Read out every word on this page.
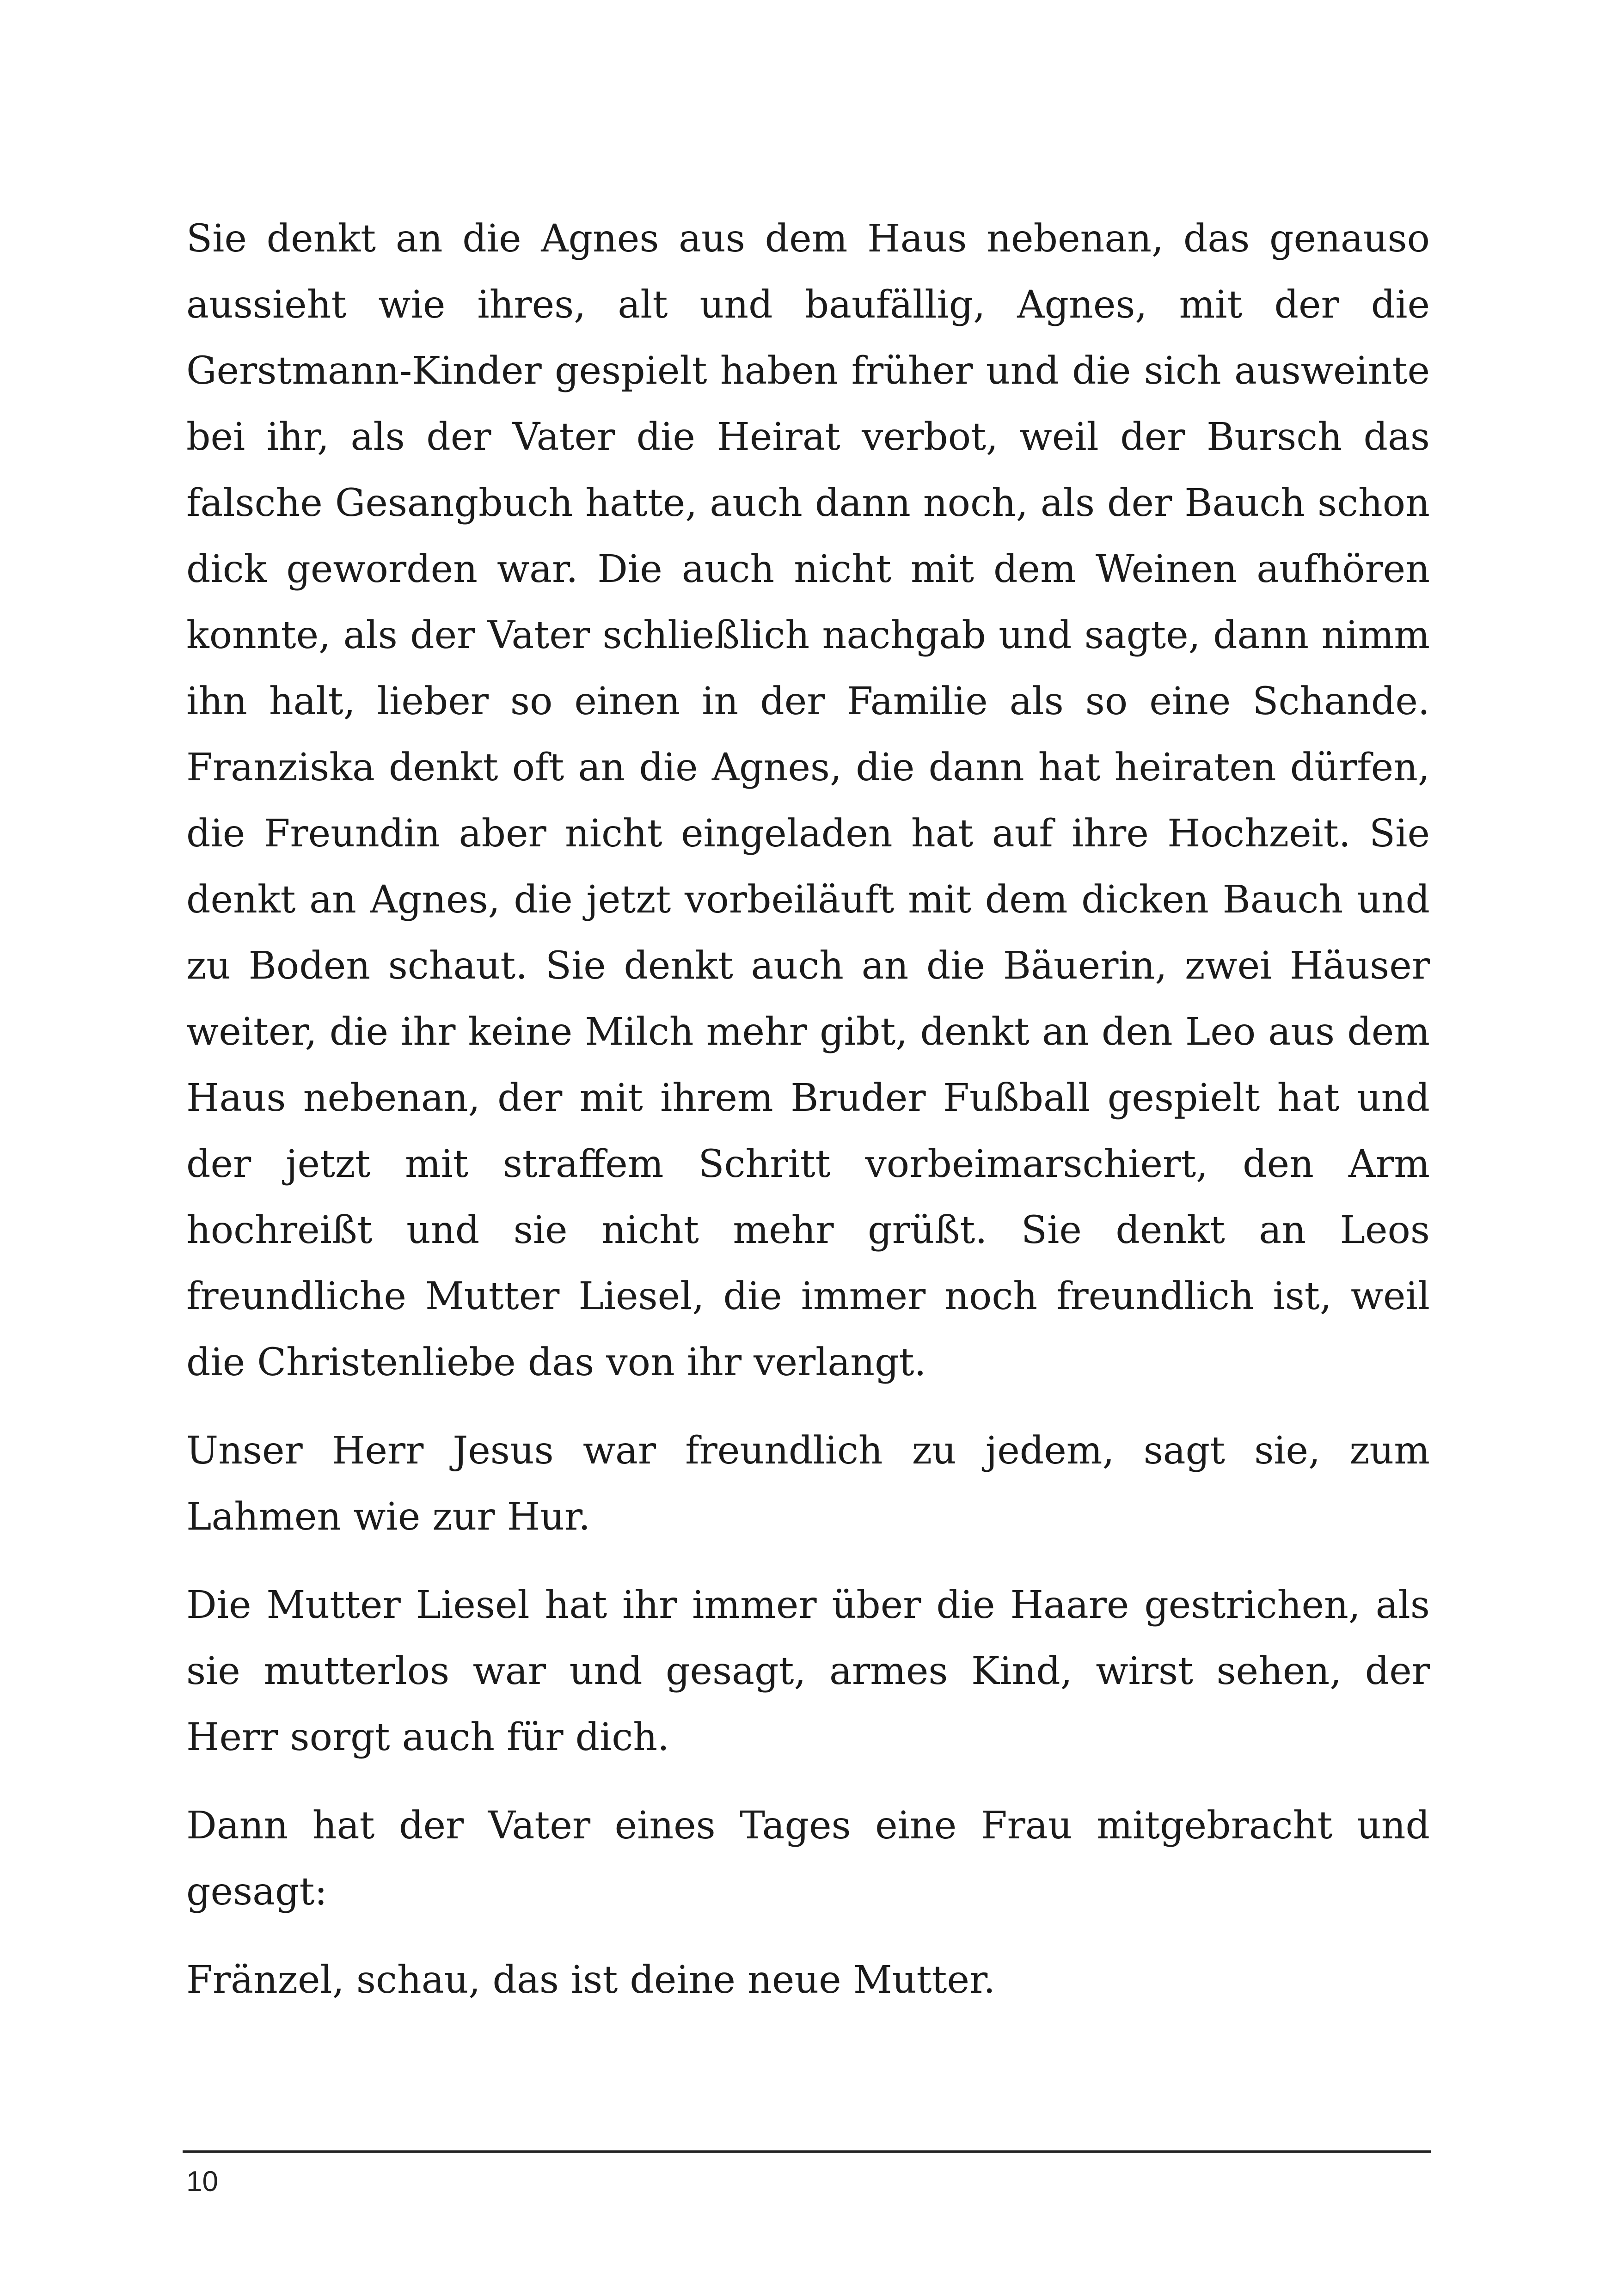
Sie denkt an die Agnes aus dem Haus nebenan, das genauso aussieht wie ihres, alt und baufällig, Agnes, mit der die Gerstmann-Kinder gespielt haben früher und die sich ausweinte bei ihr, als der Vater die Heirat verbot, weil der Bursch das falsche Gesangbuch hatte, auch dann noch, als der Bauch schon dick geworden war. Die auch nicht mit dem Weinen aufhören konnte, als der Vater schließlich nachgab und sagte, dann nimm ihn halt, lieber so einen in der Familie als so eine Schande. Franziska denkt oft an die Agnes, die dann hat heiraten dürfen, die Freundin aber nicht eingeladen hat auf ihre Hochzeit. Sie denkt an Agnes, die jetzt vorbeiläuft mit dem dicken Bauch und zu Boden schaut. Sie denkt auch an die Bäuerin, zwei Häuser weiter, die ihr keine Milch mehr gibt, denkt an den Leo aus dem Haus nebenan, der mit ihrem Bruder Fußball gespielt hat und der jetzt mit straffem Schritt vorbeimarschiert, den Arm hochreißt und sie nicht mehr grüßt. Sie denkt an Leos freundliche Mutter Liesel, die immer noch freundlich ist, weil die Christenliebe das von ihr verlangt.

Unser Herr Jesus war freundlich zu jedem, sagt sie, zum Lahmen wie zur Hur.

Die Mutter Liesel hat ihr immer über die Haare gestrichen, als sie mutterlos war und gesagt, armes Kind, wirst sehen, der Herr sorgt auch für dich.

Dann hat der Vater eines Tages eine Frau mitgebracht und gesagt:

Fränzel, schau, das ist deine neue Mutter.

10
